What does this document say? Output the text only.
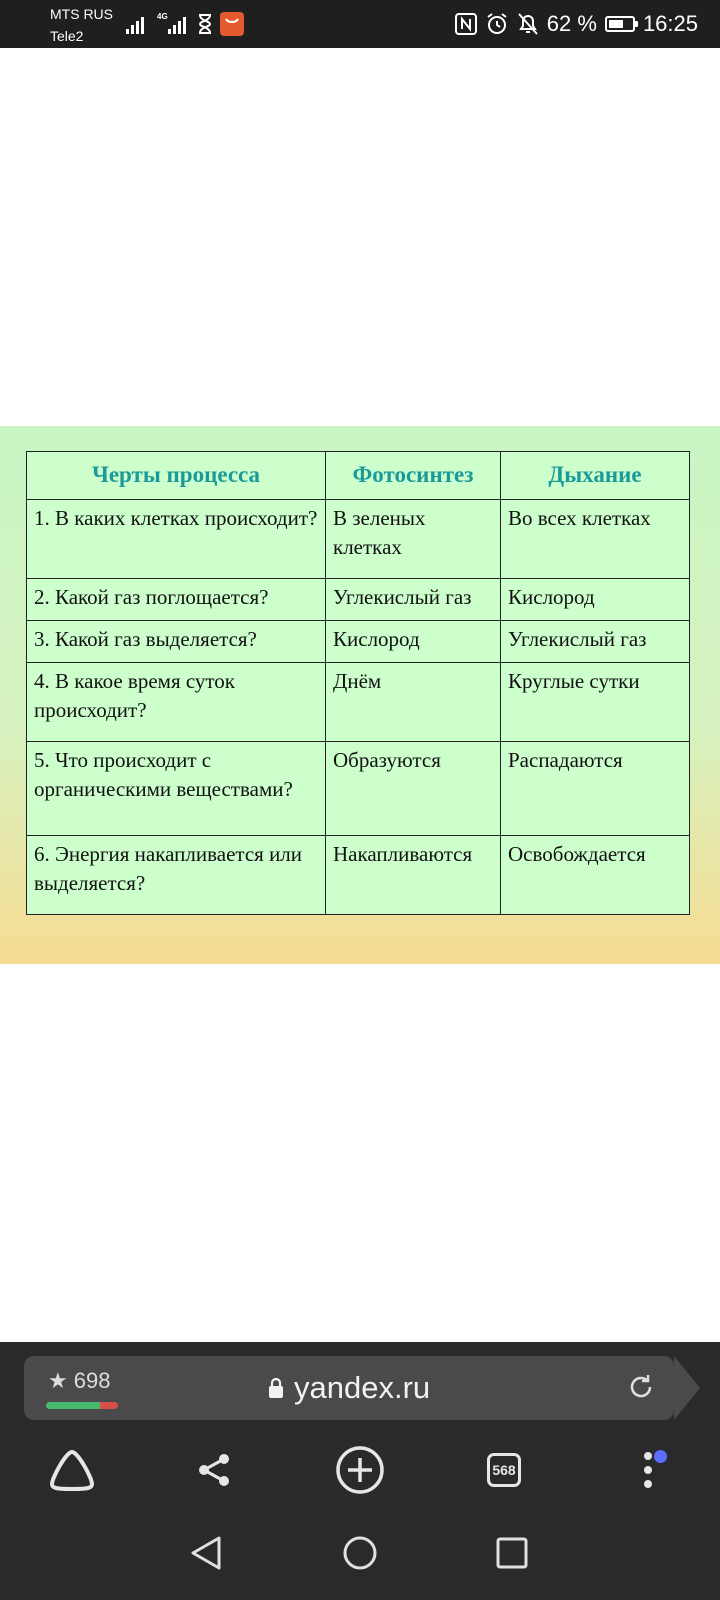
MTS RUS
Tele2
4G	62 % 16:25
Черты процесса	Фотосинтез	Дыхание
1. В каких клетках происходит?	В зеленых клетках	Во всех клетках
2. Какой газ поглощается?	Углекислый газ	Кислород
3. Какой газ выделяется?	Кислород	Углекислый газ
4. В какое время суток происходит?	Днём	Круглые сутки
5. Что происходит с органическими веществами?	Образуются	Распадаются
6. Энергия накапливается или выделяется?	Накапливаются	Освобождается
★ 698	yandex.ru
568
